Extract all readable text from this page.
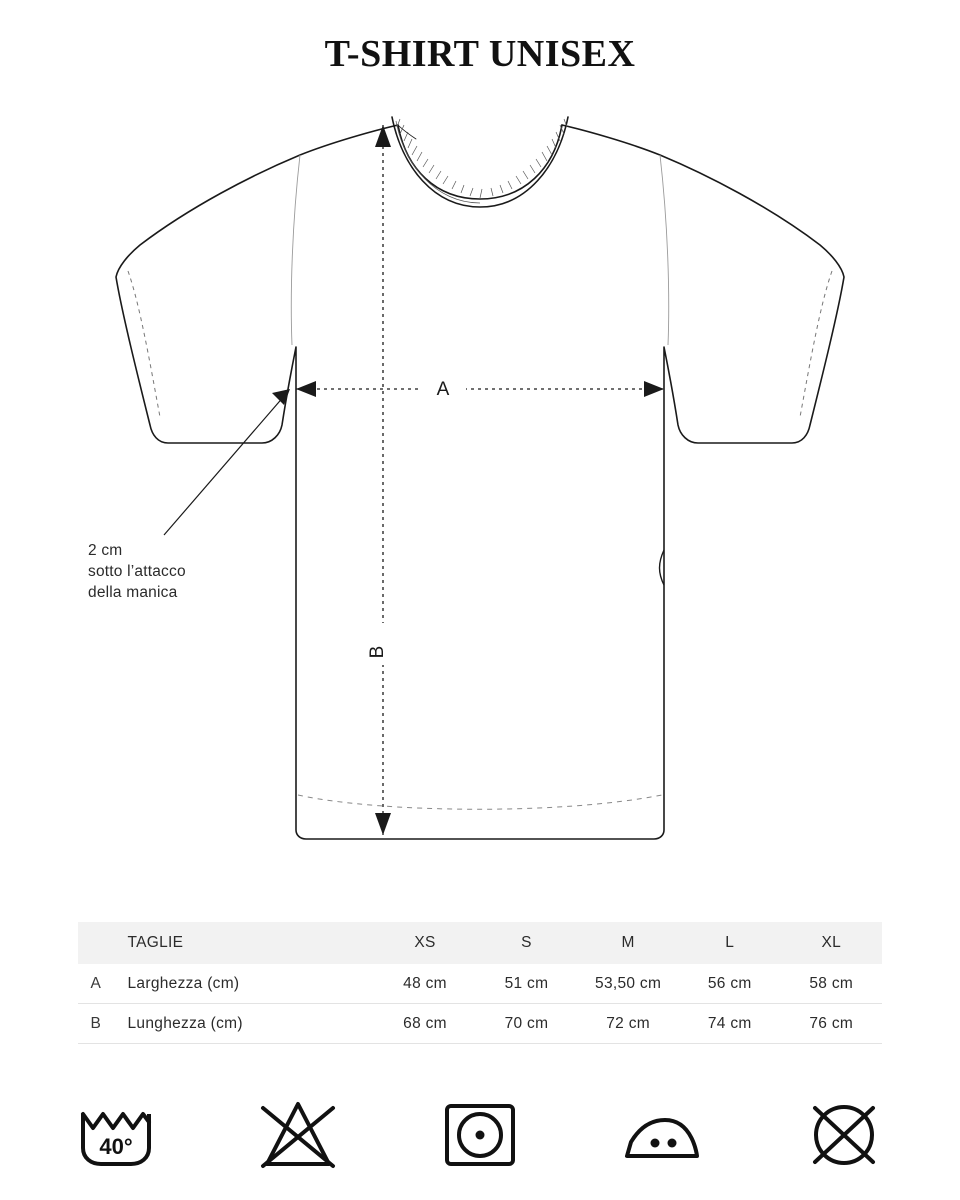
T-SHIRT UNISEX
A
B
2 cm
sotto l’attacco
della manica
	TAGLIE	XS	S	M	L	XL
A	Larghezza (cm)	48 cm	51 cm	53,50 cm	56 cm	58 cm
B	Lunghezza (cm)	68 cm	70 cm	72 cm	74 cm	76 cm
40°
